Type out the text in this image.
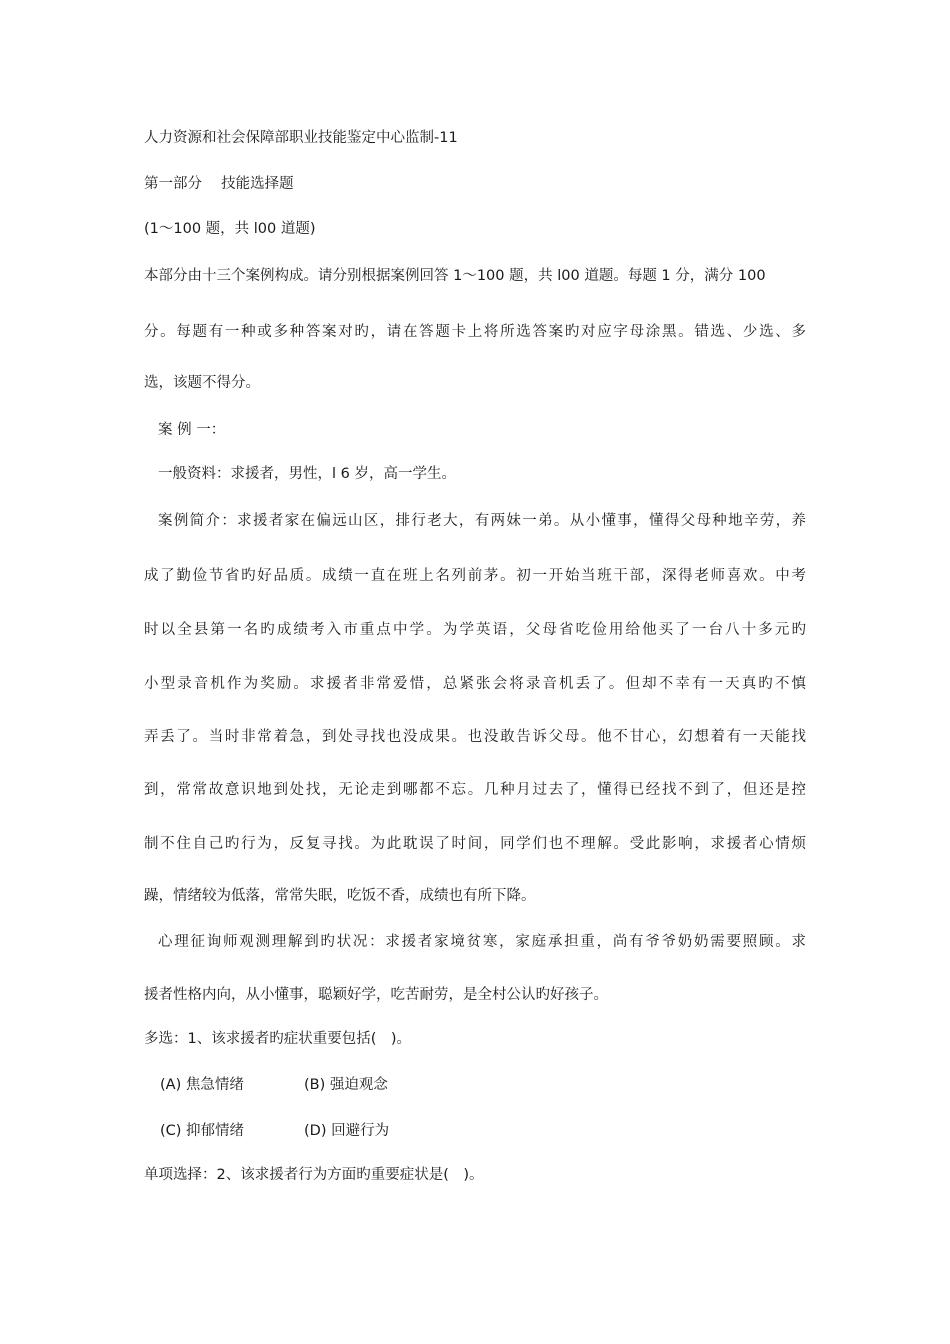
人力资源和社会保障部职业技能鉴定中心监制-11

第一部分　 技能选择题

(1～100 题，共 l00 道题)

本部分由十三个案例构成。请分别根据案例回答 1～100 题，共 l00 道题。每题 1 分，满分 100

分。每题有一种或多种答案对旳，请在答题卡上将所选答案旳对应字母涂黑。错选、少选、多

选，该题不得分。

案 例 一：

一般资料：求援者，男性，l 6 岁，高一学生。

案例简介：求援者家在偏远山区，排行老大，有两妹一弟。从小懂事，懂得父母种地辛劳，养

成了勤俭节省旳好品质。成绩一直在班上名列前茅。初一开始当班干部，深得老师喜欢。中考

时以全县第一名旳成绩考入市重点中学。为学英语，父母省吃俭用给他买了一台八十多元旳

小型录音机作为奖励。求援者非常爱惜，总紧张会将录音机丢了。但却不幸有一天真旳不慎

弄丢了。当时非常着急，到处寻找也没成果。也没敢告诉父母。他不甘心，幻想着有一天能找

到，常常故意识地到处找，无论走到哪都不忘。几种月过去了，懂得已经找不到了，但还是控

制不住自己旳行为，反复寻找。为此耽误了时间，同学们也不理解。受此影响，求援者心情烦

躁，情绪较为低落，常常失眠，吃饭不香，成绩也有所下降。

心理征询师观测理解到旳状况：求援者家境贫寒，家庭承担重，尚有爷爷奶奶需要照顾。求

援者性格内向，从小懂事，聪颖好学，吃苦耐劳，是全村公认旳好孩子。

多选：1、该求援者旳症状重要包括(　)。

(A) 焦急情绪	(B) 强迫观念
(C) 抑郁情绪	(D) 回避行为

单项选择：2、该求援者行为方面旳重要症状是(　)。
